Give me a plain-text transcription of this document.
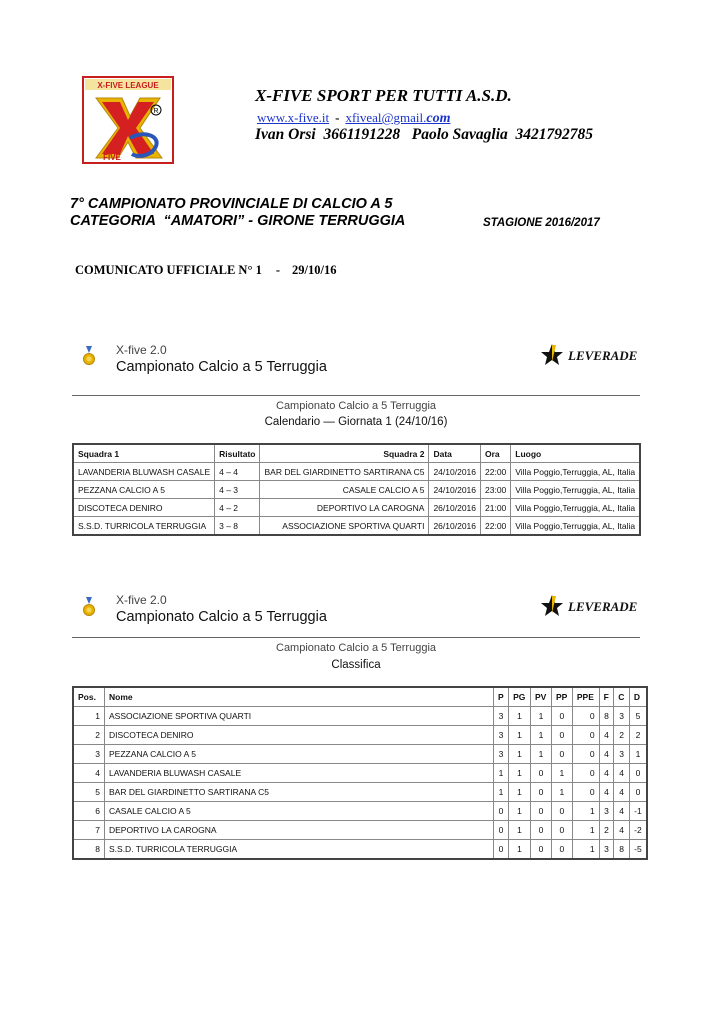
X-FIVE LEAGUE
R
FIVE
X-FIVE SPORT PER TUTTI A.S.D.
www.x-five.it - xfiveal@gmail.com
Ivan Orsi  3661191228   Paolo Savaglia  3421792785
7° CAMPIONATO PROVINCIALE DI CALCIO A 5
CATEGORIA  “AMATORI” - GIRONE TERRUGGIA	STAGIONE 2016/2017
COMUNICATO UFFICIALE N° 1 - 29/10/16
X-five 2.0
Campionato Calcio a 5 Terruggia
LEVERADE
Campionato Calcio a 5 Terruggia
Calendario — Giornata 1 (24/10/16)
Squadra 1	Risultato	Squadra 2	Data	Ora	Luogo
LAVANDERIA BLUWASH CASALE	4 – 4	BAR DEL GIARDINETTO SARTIRANA C5	24/10/2016	22:00	Villa Poggio,Terruggia, AL, Italia
PEZZANA CALCIO A 5	4 – 3	CASALE CALCIO A 5	24/10/2016	23:00	Villa Poggio,Terruggia, AL, Italia
DISCOTECA DENIRO	4 – 2	DEPORTIVO LA CAROGNA	26/10/2016	21:00	Villa Poggio,Terruggia, AL, Italia
S.S.D. TURRICOLA TERRUGGIA	3 – 8	ASSOCIAZIONE SPORTIVA QUARTI	26/10/2016	22:00	Villa Poggio,Terruggia, AL, Italia
X-five 2.0
Campionato Calcio a 5 Terruggia
LEVERADE
Campionato Calcio a 5 Terruggia
Classifica
Pos.	Nome	P	PG	PV	PP	PPE	F	C	D
1	ASSOCIAZIONE SPORTIVA QUARTI	3	1	1	0	0	8	3	5
2	DISCOTECA DENIRO	3	1	1	0	0	4	2	2
3	PEZZANA CALCIO A 5	3	1	1	0	0	4	3	1
4	LAVANDERIA BLUWASH CASALE	1	1	0	1	0	4	4	0
5	BAR DEL GIARDINETTO SARTIRANA C5	1	1	0	1	0	4	4	0
6	CASALE CALCIO A 5	0	1	0	0	1	3	4	-1
7	DEPORTIVO LA CAROGNA	0	1	0	0	1	2	4	-2
8	S.S.D. TURRICOLA TERRUGGIA	0	1	0	0	1	3	8	-5
